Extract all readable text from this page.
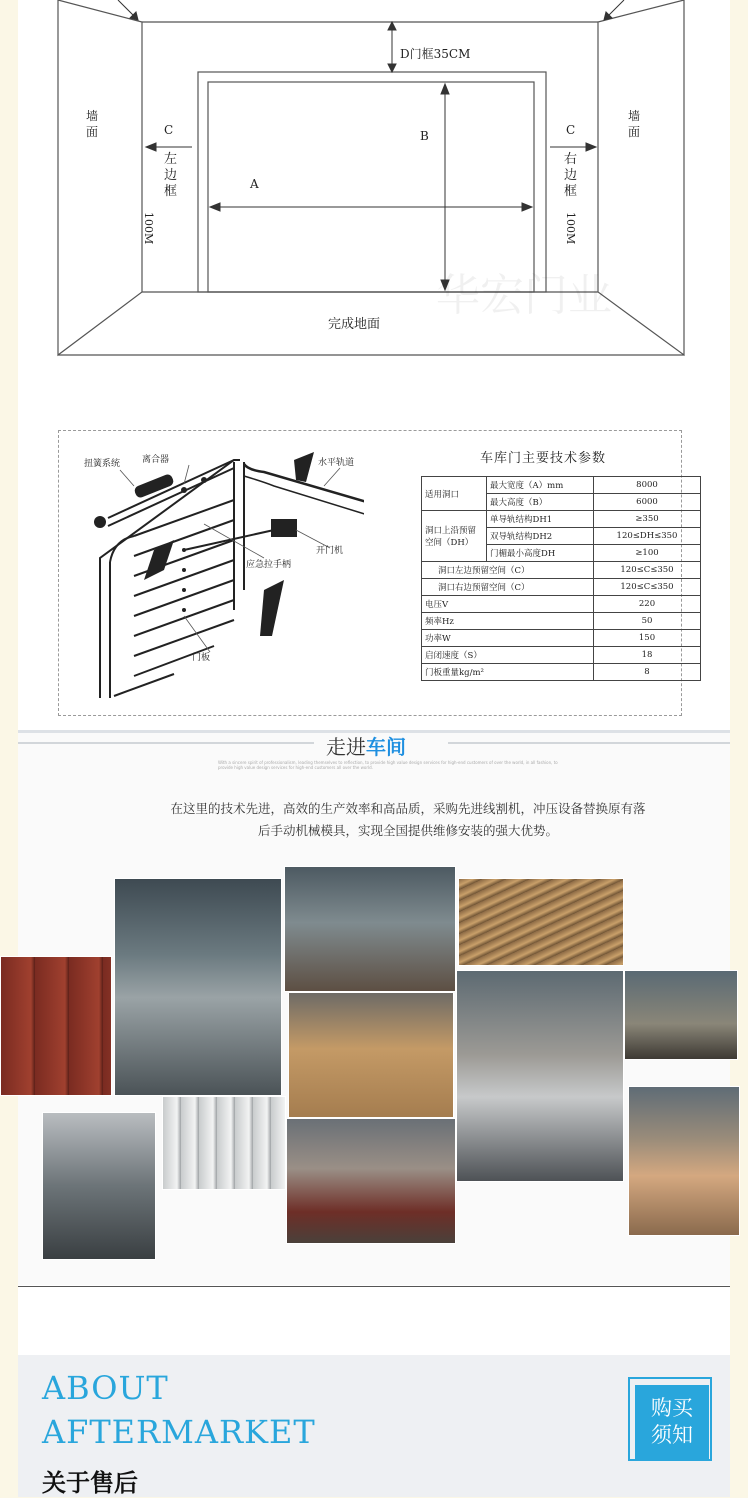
D门框35CM
B
A
C	C
完成地面
华宏门业
墙面
墙面
左边框
100M
右边框
100M
扭簧系统 离合器	水平轨道
开门机
应急拉手柄
门板
车库门主要技术参数
适用洞口	最大宽度（A）mm	8000
	最大高度（B）	6000
洞口上沿预留空间（DH）	单导轨结构DH1	≥350
	双导轨结构DH2	120≤DH≤350
	门楣最小高度DH	≥100
洞口左边预留空间（C）		120≤C≤350
洞口右边预留空间（C）		120≤C≤350
电压V		220
频率Hz		50
功率W		150
启闭速度（S）		18
门板重量kg/m²		8
走进车间
With a sincere spirit of professionalism, leading themselves to reflection, to provide high value design services for high-end customers of over the world, in all fashion, to provide high value design services for high-end customers all over the world.
在这里的技术先进，高效的生产效率和高品质，采购先进线割机，冲压设备替换原有落后手动机械模具，实现全国提供维修安装的强大优势。
ABOUT
AFTERMARKET
关于售后
购买
须知
